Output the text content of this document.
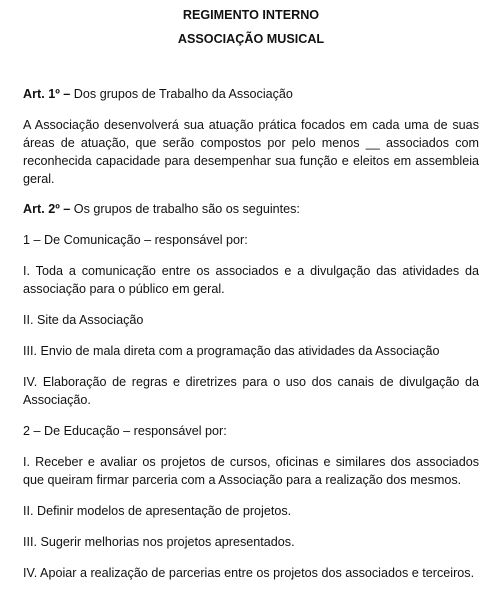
REGIMENTO INTERNO
ASSOCIAÇÃO MUSICAL

Art. 1º – Dos grupos de Trabalho da Associação

A Associação desenvolverá sua atuação prática focados em cada uma de suas áreas de atuação, que serão compostos por pelo menos __ associados com reconhecida capacidade para desempenhar sua função e eleitos em assembleia geral.

Art. 2º – Os grupos de trabalho são os seguintes:

1 – De Comunicação – responsável por:

I. Toda a comunicação entre os associados e a divulgação das atividades da associação para o público em geral.

II. Site da Associação

III. Envio de mala direta com a programação das atividades da Associação

IV. Elaboração de regras e diretrizes para o uso dos canais de divulgação da Associação.

2 – De Educação – responsável por:

I. Receber e avaliar os projetos de cursos, oficinas e similares dos associados que queiram firmar parceria com a Associação para a realização dos mesmos.

II. Definir modelos de apresentação de projetos.

III. Sugerir melhorias nos projetos apresentados.

IV. Apoiar a realização de parcerias entre os projetos dos associados e terceiros.
